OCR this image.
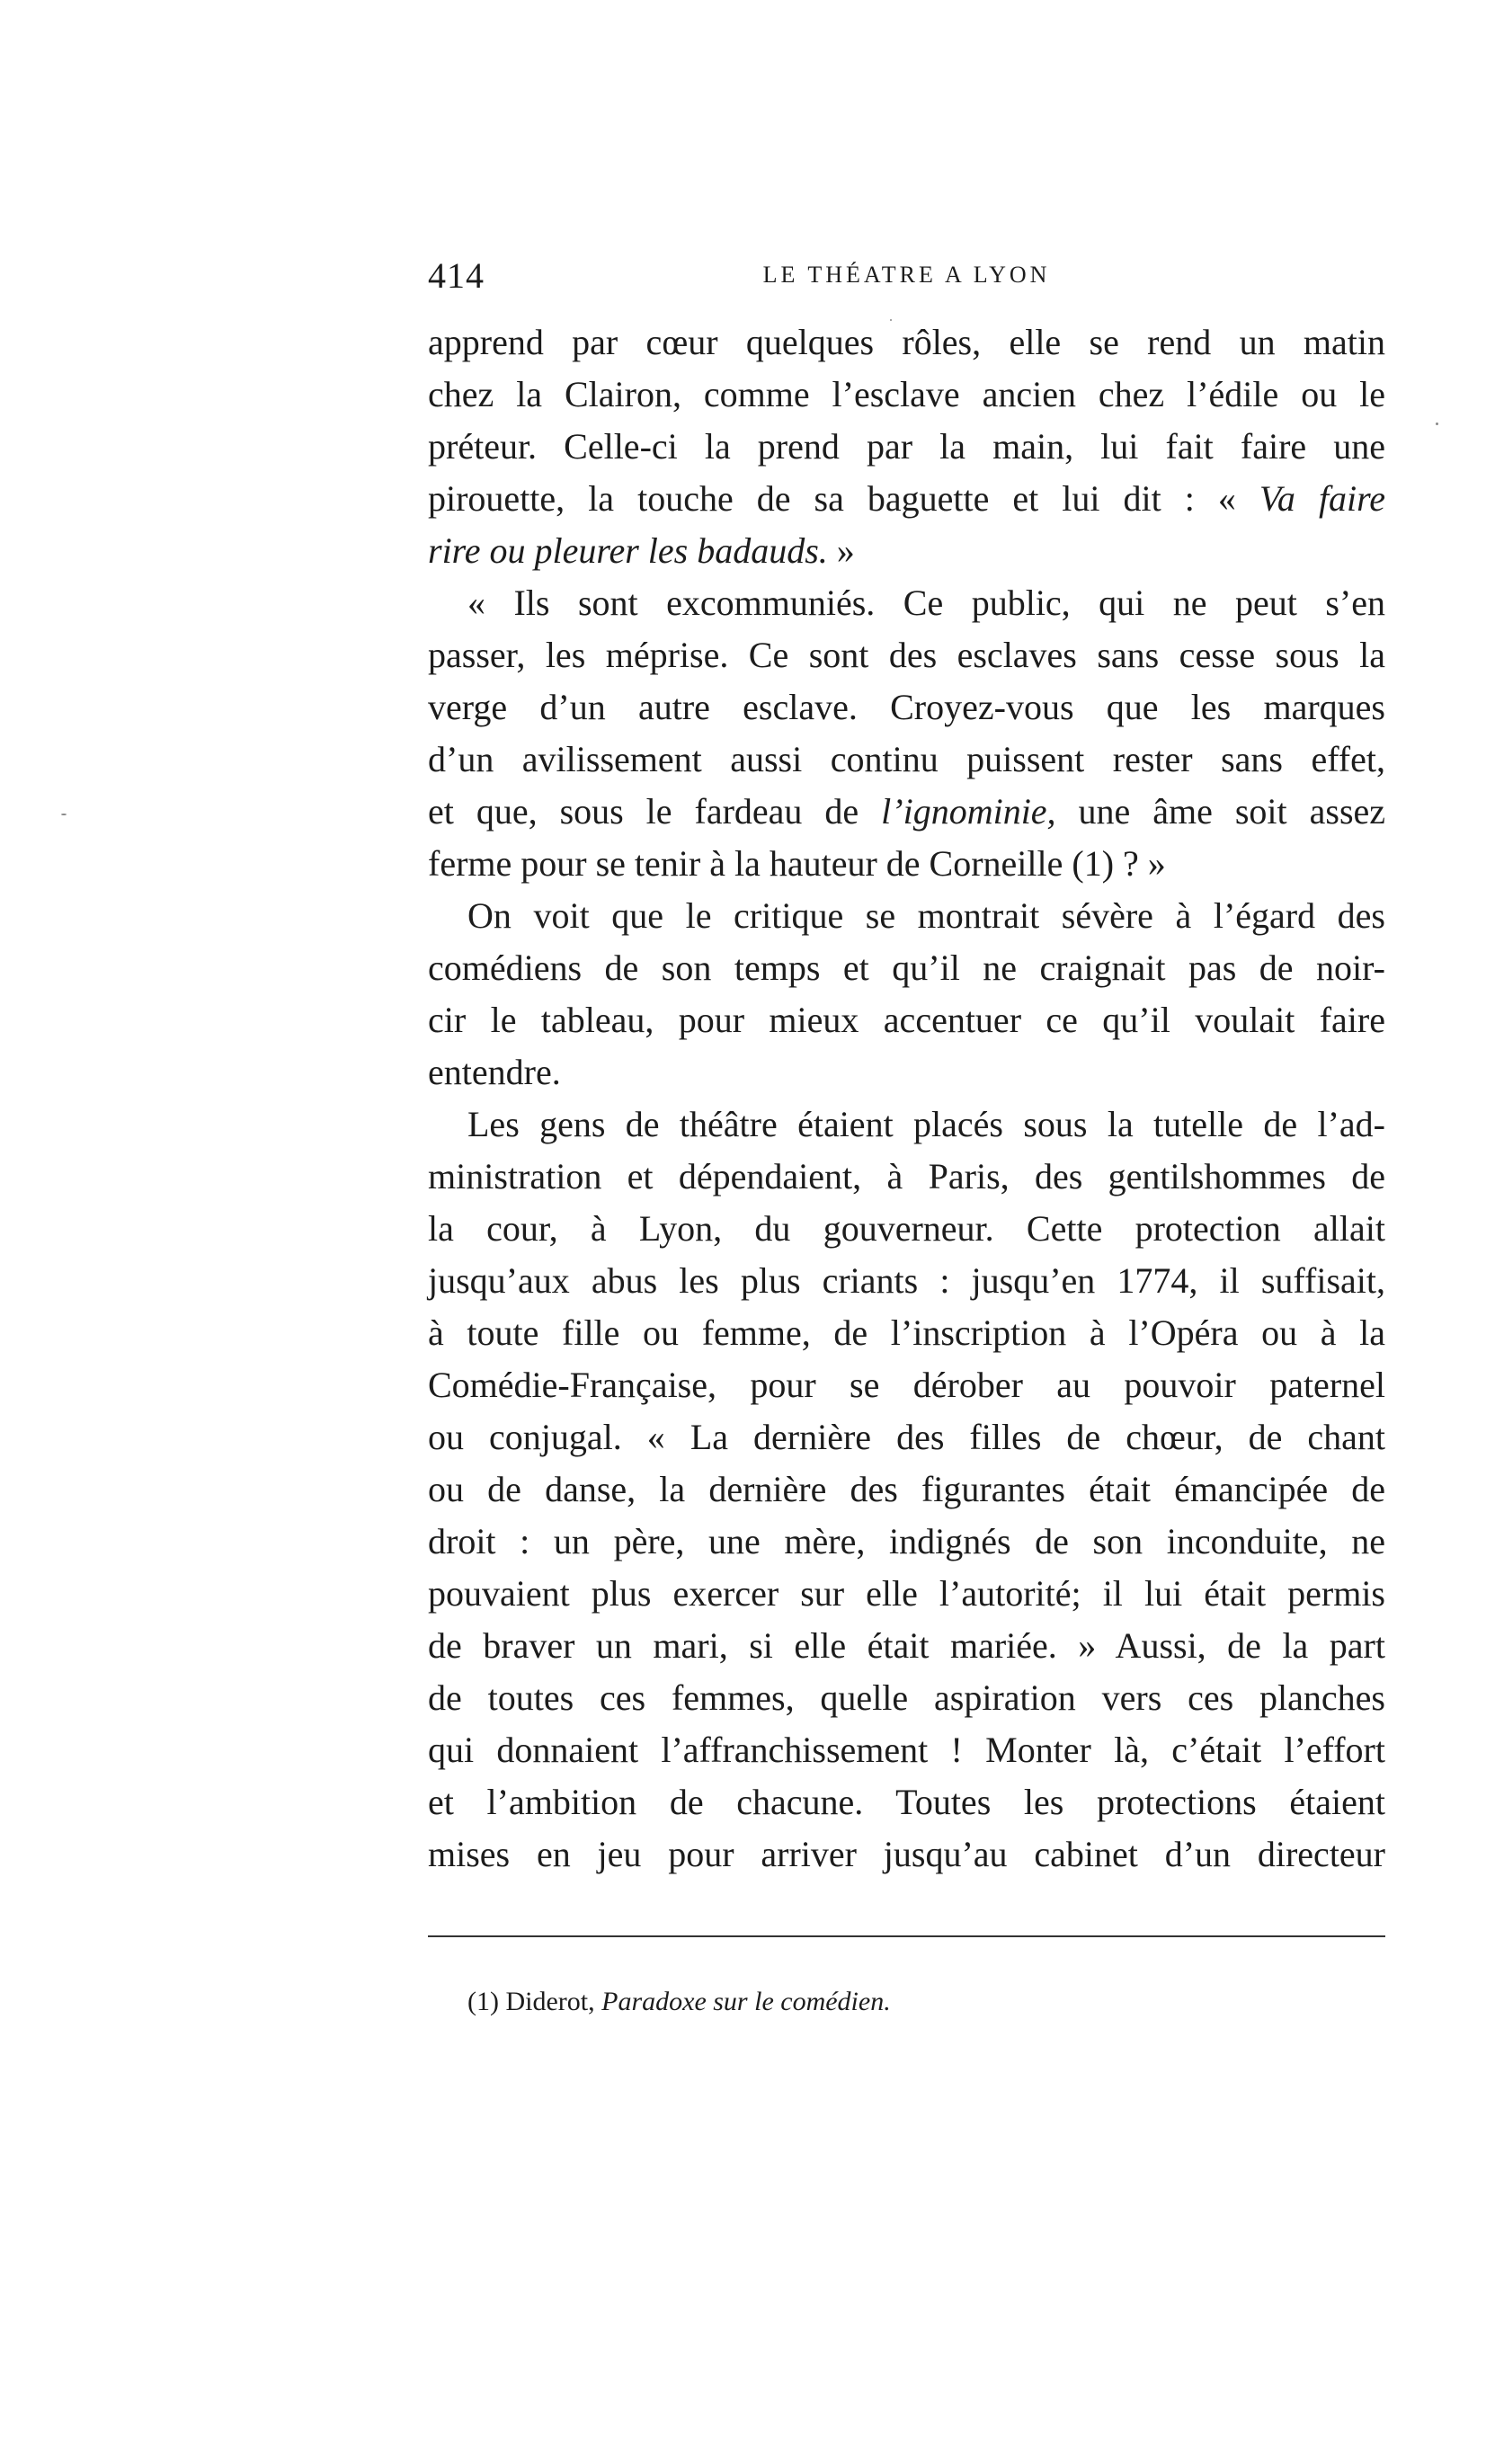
414	LE THÉATRE A LYON
apprend par cœur quelques rôles, elle se rend un matin
chez la Clairon, comme l’esclave ancien chez l’édile ou le
préteur. Celle-ci la prend par la main, lui fait faire une
pirouette, la touche de sa baguette et lui dit : « Va faire
rire ou pleurer les badauds. »
« Ils sont excommuniés. Ce public, qui ne peut s’en
passer, les méprise. Ce sont des esclaves sans cesse sous la
verge d’un autre esclave. Croyez-vous que les marques
d’un avilissement aussi continu puissent rester sans effet,
et que, sous le fardeau de l’ignominie, une âme soit assez
ferme pour se tenir à la hauteur de Corneille (1) ? »
On voit que le critique se montrait sévère à l’égard des
comédiens de son temps et qu’il ne craignait pas de noir-
cir le tableau, pour mieux accentuer ce qu’il voulait faire
entendre.
Les gens de théâtre étaient placés sous la tutelle de l’ad-
ministration et dépendaient, à Paris, des gentilshommes de
la cour, à Lyon, du gouverneur. Cette protection allait
jusqu’aux abus les plus criants : jusqu’en 1774, il suffisait,
à toute fille ou femme, de l’inscription à l’Opéra ou à la
Comédie-Française, pour se dérober au pouvoir paternel
ou conjugal. « La dernière des filles de chœur, de chant
ou de danse, la dernière des figurantes était émancipée de
droit : un père, une mère, indignés de son inconduite, ne
pouvaient plus exercer sur elle l’autorité; il lui était permis
de braver un mari, si elle était mariée. » Aussi, de la part
de toutes ces femmes, quelle aspiration vers ces planches
qui donnaient l’affranchissement ! Monter là, c’était l’effort
et l’ambition de chacune. Toutes les protections étaient
mises en jeu pour arriver jusqu’au cabinet d’un directeur
(1) Diderot, Paradoxe sur le comédien.
